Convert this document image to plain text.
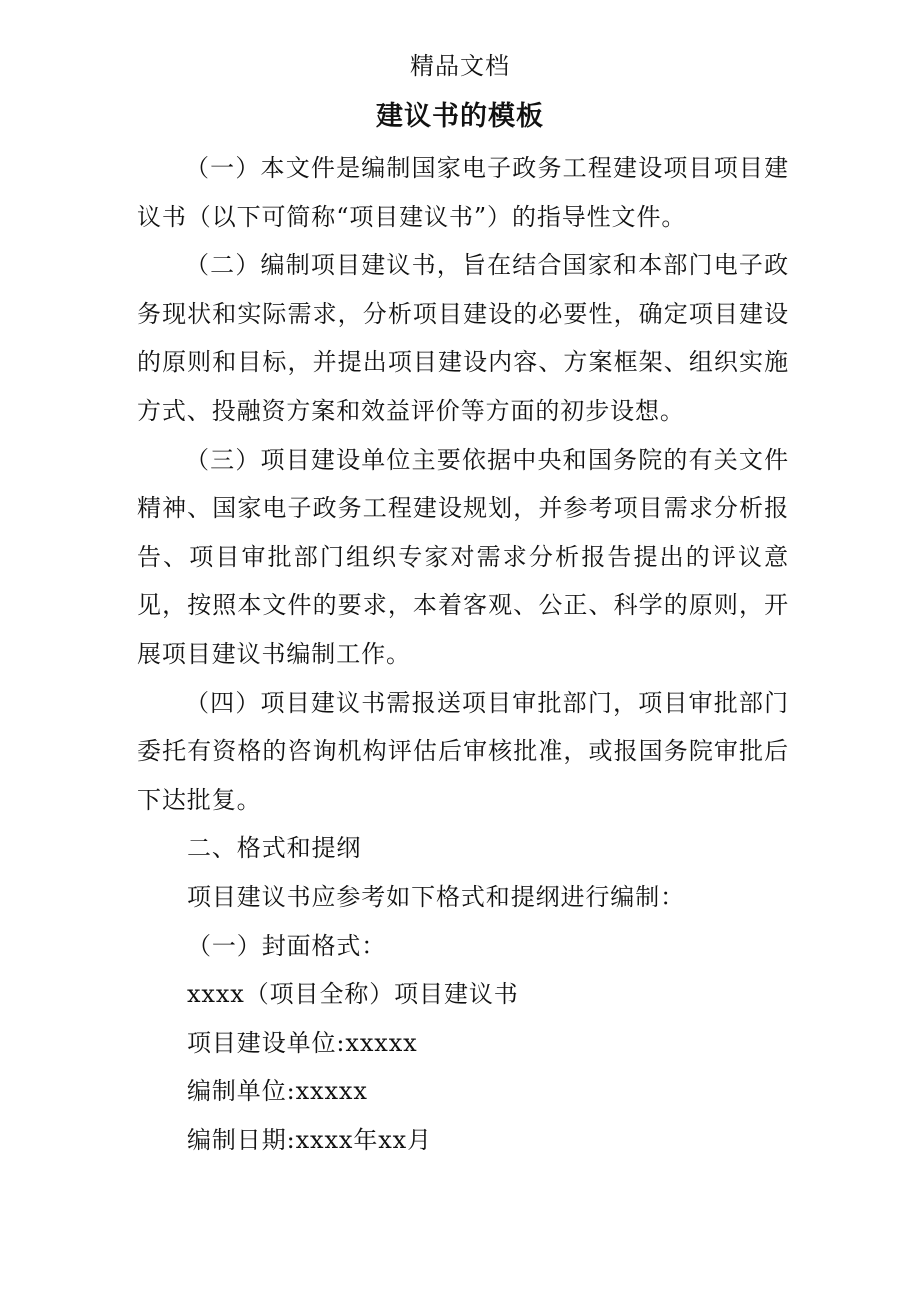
精品文档
建议书的模板

（一）本文件是编制国家电子政务工程建设项目项目建议书（以下可简称“项目建议书”）的指导性文件。

（二）编制项目建议书，旨在结合国家和本部门电子政务现状和实际需求，分析项目建设的必要性，确定项目建设的原则和目标，并提出项目建设内容、方案框架、组织实施方式、投融资方案和效益评价等方面的初步设想。

（三）项目建设单位主要依据中央和国务院的有关文件精神、国家电子政务工程建设规划，并参考项目需求分析报告、项目审批部门组织专家对需求分析报告提出的评议意见，按照本文件的要求，本着客观、公正、科学的原则，开展项目建议书编制工作。

（四）项目建议书需报送项目审批部门，项目审批部门委托有资格的咨询机构评估后审核批准，或报国务院审批后下达批复。

二、格式和提纲

项目建议书应参考如下格式和提纲进行编制：

（一）封面格式：

xxxx（项目全称）项目建议书

项目建设单位:xxxxx

编制单位:xxxxx

编制日期:xxxx年xx月
